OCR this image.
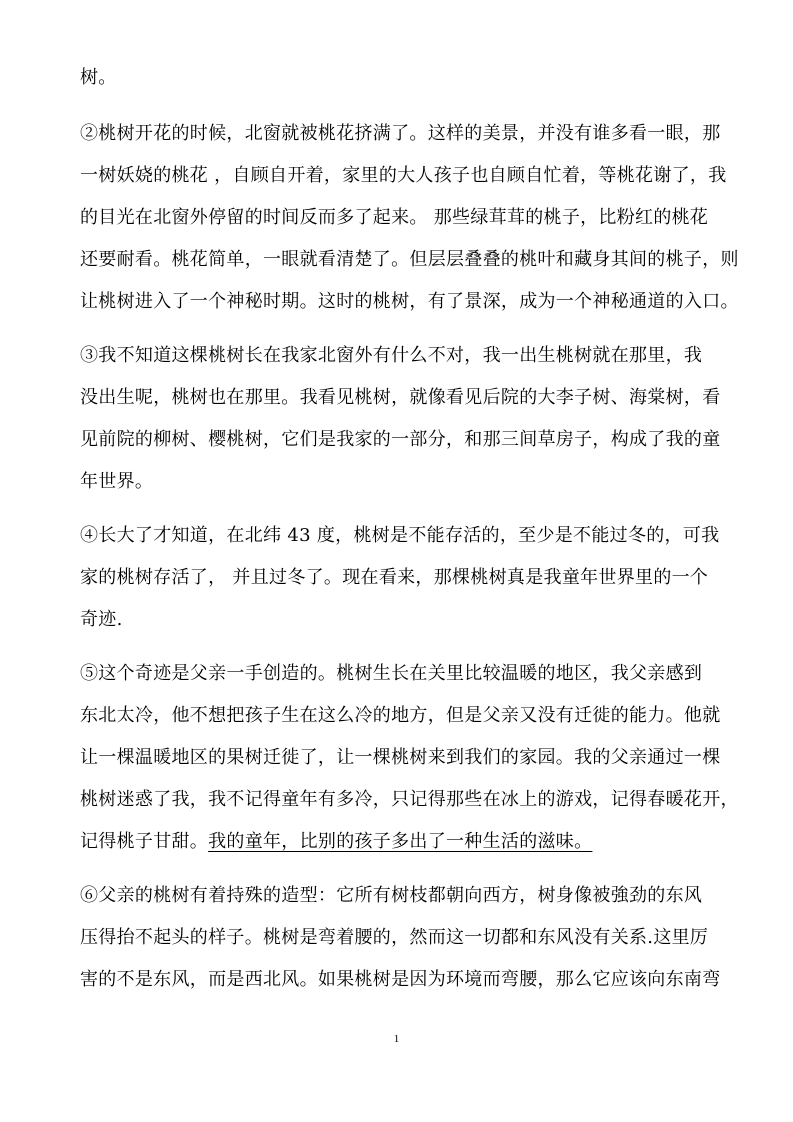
树。
②桃树开花的时候，北窗就被桃花挤满了。这样的美景，并没有谁多看一眼，那
一树妖娆的桃花 ，自顾自开着，家里的大人孩子也自顾自忙着，等桃花谢了，我
的目光在北窗外停留的时间反而多了起来。 那些绿茸茸的桃子，比粉红的桃花
还要耐看。桃花简单，一眼就看清楚了。但层层叠叠的桃叶和藏身其间的桃子，则
让桃树进入了一个神秘时期。这时的桃树，有了景深，成为一个神秘通道的入口。
③我不知道这棵桃树长在我家北窗外有什么不对，我一出生桃树就在那里，我
没出生呢，桃树也在那里。我看见桃树，就像看见后院的大李子树、海棠树，看
见前院的柳树、樱桃树，它们是我家的一部分，和那三间草房子，构成了我的童
年世界。
④长大了才知道，在北纬 43 度，桃树是不能存活的，至少是不能过冬的，可我
家的桃树存活了， 并且过冬了。现在看来，那棵桃树真是我童年世界里的一个
奇迹.
⑤这个奇迹是父亲一手创造的。桃树生长在关里比较温暖的地区，我父亲感到
东北太冷，他不想把孩子生在这么冷的地方，但是父亲又没有迁徙的能力。他就
让一棵温暖地区的果树迁徙了，让一棵桃树来到我们的家园。我的父亲通过一棵
桃树迷惑了我，我不记得童年有多冷，只记得那些在冰上的游戏，记得春暖花开，
记得桃子甘甜。我的童年，比别的孩子多出了一种生活的滋味。
⑥父亲的桃树有着持殊的造型：它所有树枝都朝向西方，树身像被強劲的东风
压得抬不起头的样子。桃树是弯着腰的，然而这一切都和东风没有关系.这里厉
害的不是东风，而是西北风。如果桃树是因为环境而弯腰，那么它应该向东南弯
1
